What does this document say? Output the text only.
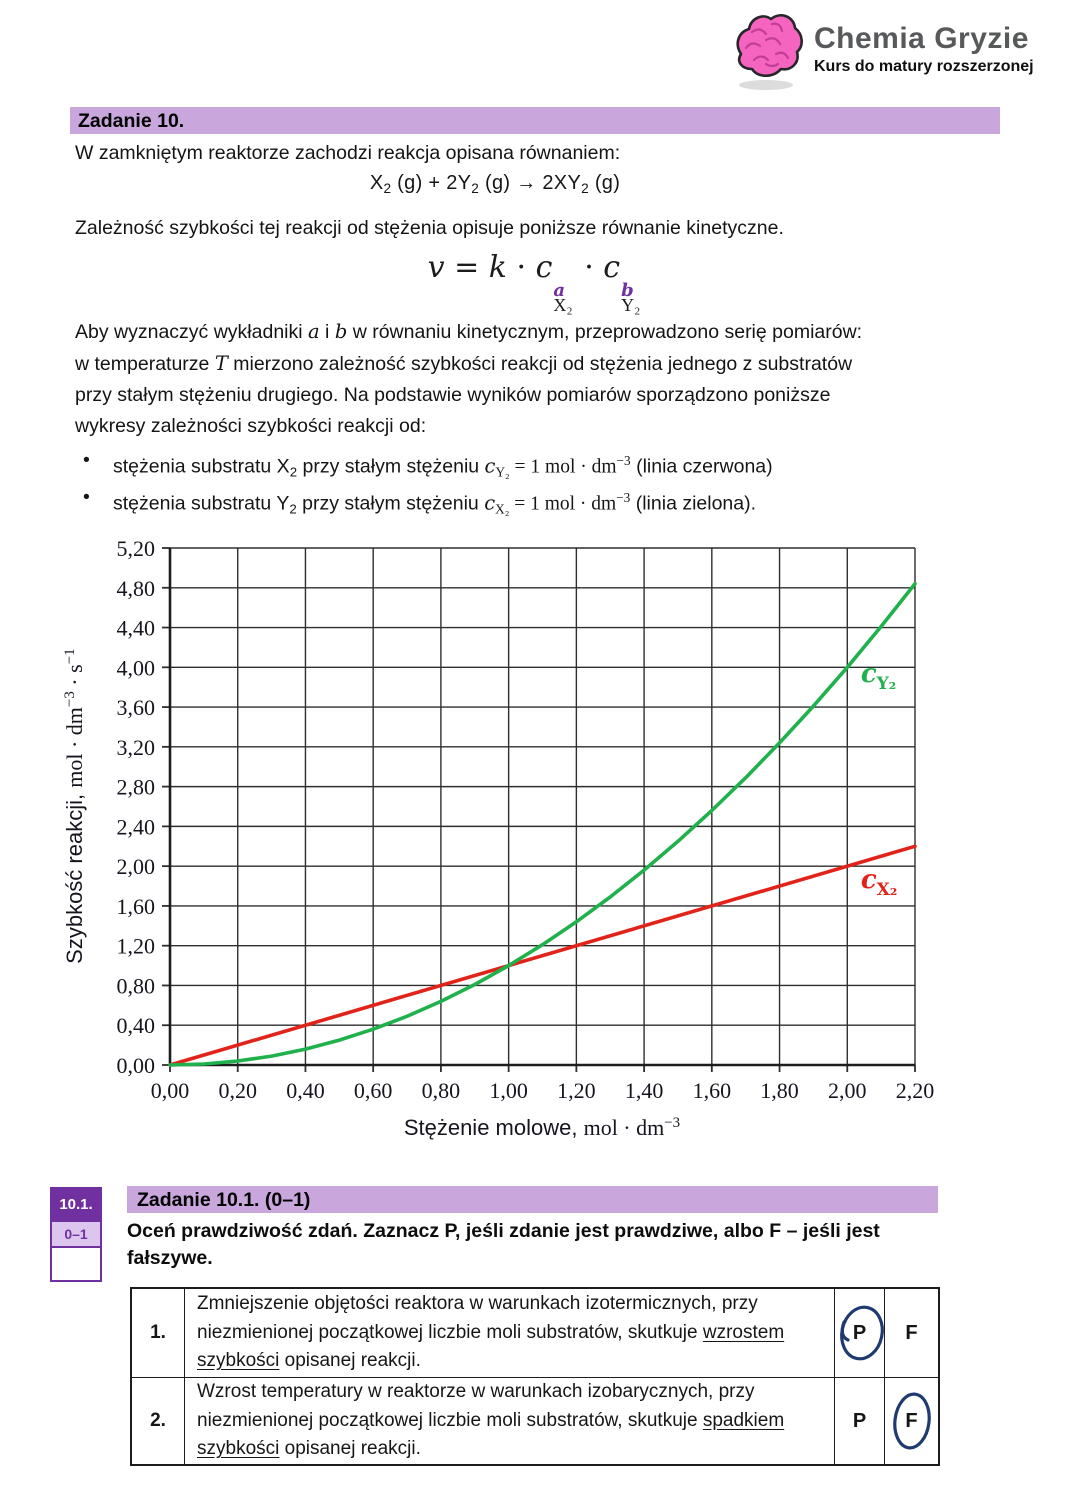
Chemia Gryzie
Kurs do matury rozszerzonej
Zadanie 10.
W zamkniętym reaktorze zachodzi reakcja opisana równaniem:
$X_2$ $(g) + 2Y_2$ $(g) \to 2XY_2$ (g)
Zależność szybkości tej reakcji od stężenia opisuje poniższe równanie kinetyczne.
v = k · c
a
X₂
· c
b
Y₂
Aby wyznaczyć wykładniki a i b w równaniu kinetycznym, przeprowadzono serię pomiarów:
w temperaturze T mierzono zależność szybkości reakcji od stężenia jednego z substratów
przy stałym stężeniu drugiego. Na podstawie wyników pomiarów sporządzono poniższe
wykresy zależności szybkości reakcji od:
•	stężenia substratu $X_2$ przy stałym stężeniu $c_{Y_2} = 1$ mol · $dm^{-3}$ (linia czerwona)
•	stężenia substratu $Y_2$ przy stałym stężeniu $c_{X_2} = 1$ mol · $dm^{-3}$ (linia zielona).
0,00 0,20 0,40 0,60 0,80 1,00 1,20 1,40 1,60 1,80 2,00 2,20
0,00
0,40
0,80
1,20
1,60
2,00
2,40
2,80
3,20
3,60
4,00
4,40
4,80
5,20
$c_{X_2}$
$c_{Y_2}$
Szybkość reakcji, mol · $dm^{-3} \cdot s^{-1}$
Stężenie molowe, mol · $dm^{-3}$
10.1.
0–1
Zadanie 10.1. (0–1)
Oceń prawdziwość zdań. Zaznacz P, jeśli zdanie jest prawdziwe, albo F – jeśli jest
fałszywe.
1.
Zmniejszenie objętości reaktora w warunkach izotermicznych, przy niezmienionej początkowej liczbie moli substratów, skutkuje wzrostem szybkości opisanej reakcji.
P F
2.
Wzrost temperatury w reaktorze w warunkach izobarycznych, przy niezmienionej początkowej liczbie moli substratów, skutkuje spadkiem szybkości opisanej reakcji.
P F
